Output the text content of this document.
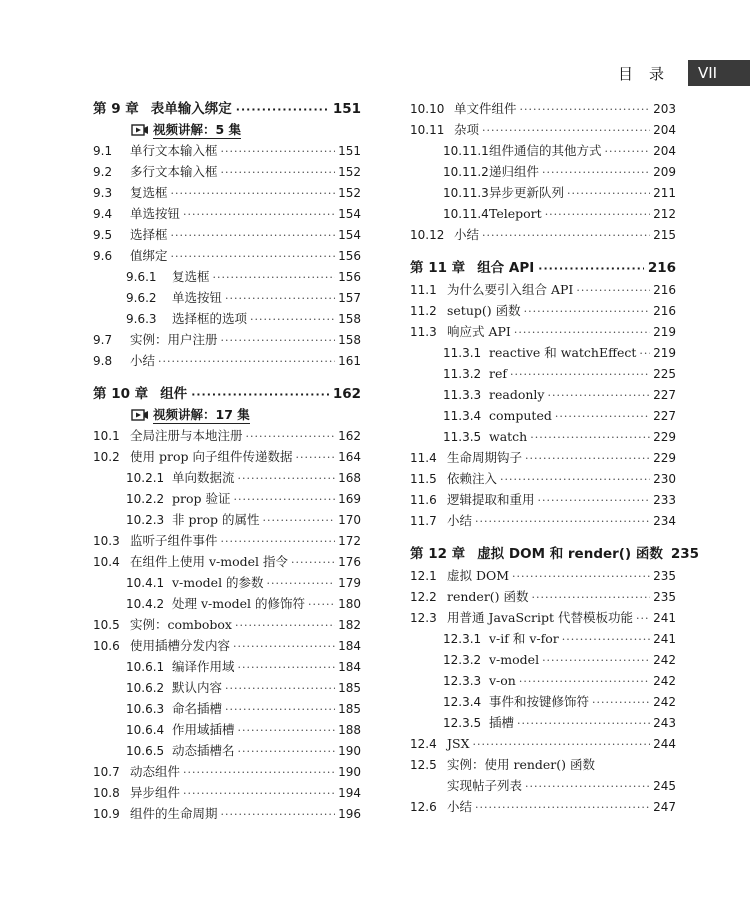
目录	VII
第 9 章 表单输入绑定 ·····	151
视频讲解：5 集
9.1	单行文本输入框 ·····	151
9.2	多行文本输入框 ·····	152
9.3	复选框 ·····	152
9.4	单选按钮 ·····	154
9.5	选择框 ·····	154
9.6	值绑定 ·····	156
9.6.1	复选框 ·····	156
9.6.2	单选按钮 ·····	157
9.6.3	选择框的选项 ·····	158
9.7	实例：用户注册 ·····	158
9.8	小结 ·····	161
第 10 章 组件 ·····	162
视频讲解：17 集
10.1 全局注册与本地注册 ·····	162
10.2 使用 prop 向子组件传递数据 ·····	164
10.2.1 单向数据流 ·····	168
10.2.2 prop 验证 ·····	169
10.2.3 非 prop 的属性 ·····	170
10.3 监听子组件事件 ·····	172
10.4 在组件上使用 v-model 指令 ·····	176
10.4.1 v-model 的参数 ·····	179
10.4.2 处理 v-model 的修饰符 ·····	180
10.5 实例：combobox ·····	182
10.6 使用插槽分发内容 ·····	184
10.6.1 编译作用域 ·····	184
10.6.2 默认内容 ·····	185
10.6.3 命名插槽 ·····	185
10.6.4 作用域插槽 ·····	188
10.6.5 动态插槽名 ·····	190
10.7 动态组件 ·····	190
10.8 异步组件 ·····	194
10.9 组件的生命周期 ·····	196
10.10 单文件组件 ·····	203
10.11 杂项 ·····	204
10.11.1 组件通信的其他方式 ·····	204
10.11.2 递归组件 ·····	209
10.11.3 异步更新队列 ·····	211
10.11.4 Teleport ·····	212
10.12 小结 ·····	215
第 11 章 组合 API ·····	216
11.1 为什么要引入组合 API ·····	216
11.2 setup() 函数 ·····	216
11.3 响应式 API ·····	219
11.3.1 reactive 和 watchEffect ····· 219
11.3.2 ref ·····	225
11.3.3 readonly ·····	227
11.3.4 computed ·····	227
11.3.5 watch ·····	229
11.4 生命周期钩子 ·····	229
11.5 依赖注入 ·····	230
11.6 逻辑提取和重用 ·····	233
11.7 小结 ·····	234
第 12 章 虚拟 DOM 和 render() 函数 235
12.1 虚拟 DOM ·····	235
12.2 render() 函数 ·····	235
12.3 用普通 JavaScript 代替模板功能 ····· 241
12.3.1 v-if 和 v-for ·····	241
12.3.2 v-model ·····	242
12.3.3 v-on ·····	242
12.3.4 事件和按键修饰符 ·····	242
12.3.5 插槽 ·····	243
12.4 JSX ·····	244
12.5 实例：使用 render() 函数
实现帖子列表 ·····	245
12.6 小结 ·····	247
